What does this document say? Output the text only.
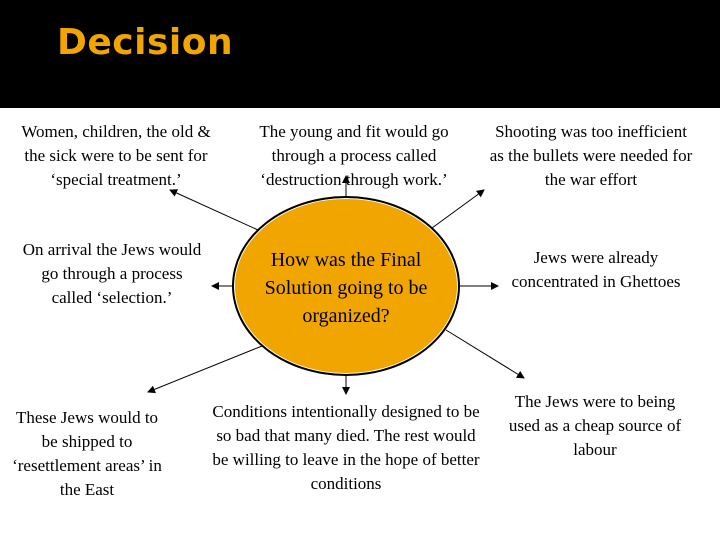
Decision
How was the Final Solution going to be organized?
Women, children, the old & the sick were to be sent for ‘special treatment.’
The young and fit would go through a process called ‘destruction through work.’
Shooting was too inefficient as the bullets were needed for the war effort
On arrival the Jews would go through a process called ‘selection.’
Jews were already concentrated in Ghettoes
These Jews would to be shipped to ‘resettlement areas’ in the East
Conditions intentionally designed to be so bad that many died. The rest would be willing to leave in the hope of better conditions
The Jews were to being used as a cheap source of labour
